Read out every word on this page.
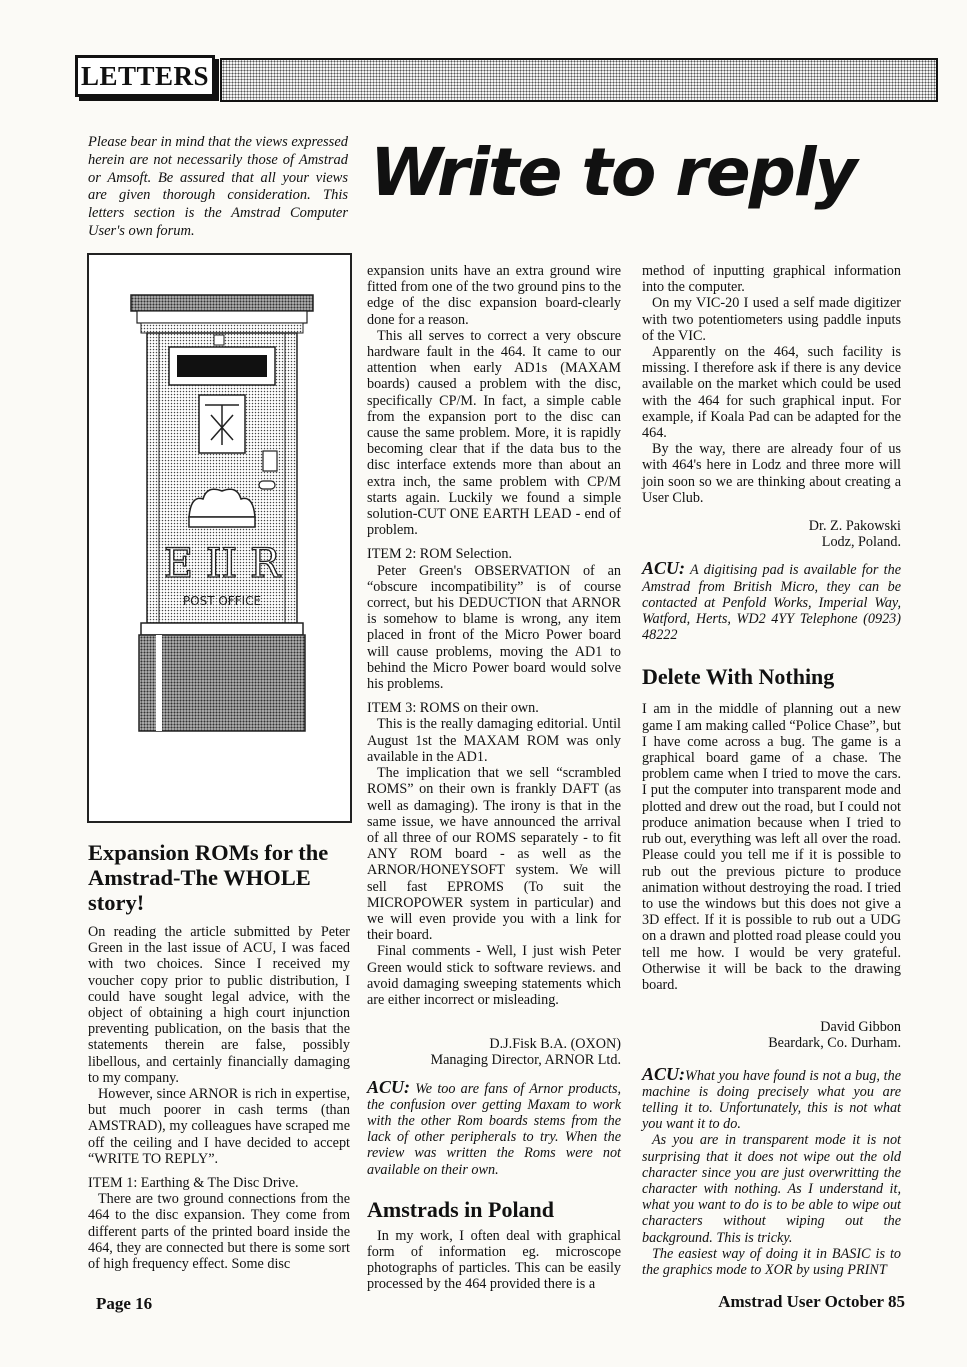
LETTERS
Please bear in mind that the views expressed herein are not necessarily those of Amstrad or Amsoft. Be assured that all your views are given thorough consideration. This letters section is the Amstrad Computer User's own forum.
Write to reply
E II R
POST OFFICE
Expansion ROMs for the Amstrad-The WHOLE story!

On reading the article submitted by Peter Green in the last issue of ACU, I was faced with two choices. Since I received my voucher copy prior to public distribution, I could have sought legal advice, with the object of obtaining a high court injunction preventing publication, on the basis that the statements therein are false, possibly libellous, and certainly financially damaging to my company.

However, since ARNOR is rich in expertise, but much poorer in cash terms (than AMSTRAD), my colleagues have scraped me off the ceiling and I have decided to accept “WRITE TO REPLY”.

ITEM 1: Earthing & The Disc Drive.

There are two ground connections from the 464 to the disc expansion. They come from different parts of the printed board inside the 464, they are connected but there is some sort of high frequency effect. Some disc

expansion units have an extra ground wire fitted from one of the two ground pins to the edge of the disc expansion board-clearly done for a reason.

This all serves to correct a very obscure hardware fault in the 464. It came to our attention when early AD1s (MAXAM boards) caused a problem with the disc, specifically CP/M. In fact, a simple cable from the expansion port to the disc can cause the same problem. More, it is rapidly becoming clear that if the data bus to the disc interface extends more than about an extra inch, the same problem with CP/M starts again. Luckily we found a simple solution-CUT ONE EARTH LEAD - end of problem.

ITEM 2: ROM Selection.

Peter Green's OBSERVATION of an “obscure incompatibility” is of course correct, but his DEDUCTION that ARNOR is somehow to blame is wrong, any item placed in front of the Micro Power board will cause problems, moving the AD1 to behind the Micro Power board would solve his problems.

ITEM 3: ROMS on their own.

This is the really damaging editorial. Until August 1st the MAXAM ROM was only available in the AD1.

The implication that we sell “scrambled ROMS” on their own is frankly DAFT (as well as damaging). The irony is that in the same issue, we have announced the arrival of all three of our ROMS separately - to fit ANY ROM board - as well as the ARNOR/HONEYSOFT system. We will sell fast EPROMS (To suit the MICROPOWER system in particular) and we will even provide you with a link for their board.

Final comments - Well, I just wish Peter Green would stick to software reviews. and avoid damaging sweeping statements which are either incorrect or misleading.

D.J.Fisk B.A. (OXON)

Managing Director, ARNOR Ltd.

ACU: We too are fans of Arnor products, the confusion over getting Maxam to work with the other Rom boards stems from the lack of other peripherals to try. When the review was written the Roms were not available on their own.

Amstrads in Poland

In my work, I often deal with graphical form of information eg. microscope photographs of particles. This can be easily processed by the 464 provided there is a

method of inputting graphical information into the computer.

On my VIC-20 I used a self made digitizer with two potentiometers using paddle inputs of the VIC.

Apparently on the 464, such facility is missing. I therefore ask if there is any device available on the market which could be used with the 464 for such graphical input. For example, if Koala Pad can be adapted for the 464.

By the way, there are already four of us with 464's here in Lodz and three more will join soon so we are thinking about creating a User Club.

Dr. Z. Pakowski

Lodz, Poland.

ACU: A digitising pad is available for the Amstrad from British Micro, they can be contacted at Penfold Works, Imperial Way, Watford, Herts, WD2 4YY Telephone (0923) 48222

Delete With Nothing

I am in the middle of planning out a new game I am making called “Police Chase”, but I have come across a bug. The game is a graphical board game of a chase. The problem came when I tried to move the cars. I put the computer into transparent mode and plotted and drew out the road, but I could not produce animation because when I tried to rub out, everything was left all over the road. Please could you tell me if it is possible to rub out the previous picture to produce animation without destroying the road. I tried to use the windows but this does not give a 3D effect. If it is possible to rub out a UDG on a drawn and plotted road please could you tell me how. I would be very grateful. Otherwise it will be back to the drawing board.

David Gibbon

Beardark, Co. Durham.

ACU:What you have found is not a bug, the machine is doing precisely what you are telling it to. Unfortunately, this is not what you want it to do.

As you are in transparent mode it is not surprising that it does not wipe out the old character since you are just overwritting the character with nothing. As I understand it, what you want to do is to be able to wipe out characters without wiping out the background. This is tricky.

The easiest way of doing it in BASIC is to the graphics mode to XOR by using PRINT

Page 16	Amstrad User October 85
